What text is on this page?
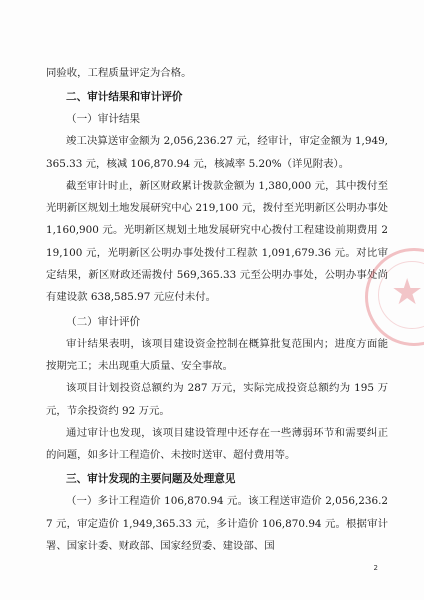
同验收，工程质量评定为合格。

二、审计结果和审计评价

（一）审计结果

竣工决算送审金额为 2,056,236.27 元，经审计，审定金额为 1,949,365.33 元，核减 106,870.94 元，核减率 5.20%（详见附表）。

截至审计时止，新区财政累计拨款金额为 1,380,000 元，其中拨付至光明新区规划土地发展研究中心 219,100 元，拨付至光明新区公明办事处 1,160,900 元。光明新区规划土地发展研究中心拨付工程建设前期费用 219,100 元，光明新区公明办事处拨付工程款 1,091,679.36 元。对比审定结果，新区财政还需拨付 569,365.33 元至公明办事处，公明办事处尚有建设款 638,585.97 元应付未付。

（二）审计评价

审计结果表明，该项目建设资金控制在概算批复范围内；进度方面能按期完工；未出现重大质量、安全事故。

该项目计划投资总额约为 287 万元，实际完成投资总额约为 195 万元，节余投资约 92 万元。

通过审计也发现，该项目建设管理中还存在一些薄弱环节和需要纠正的问题，如多计工程造价、未按时送审、超付费用等。

三、审计发现的主要问题及处理意见

（一）多计工程造价 106,870.94 元。该工程送审造价 2,056,236.27 元，审定造价 1,949,365.33 元，多计造价 106,870.94 元。根据审计署、国家计委、财政部、国家经贸委、建设部、国

★
2
